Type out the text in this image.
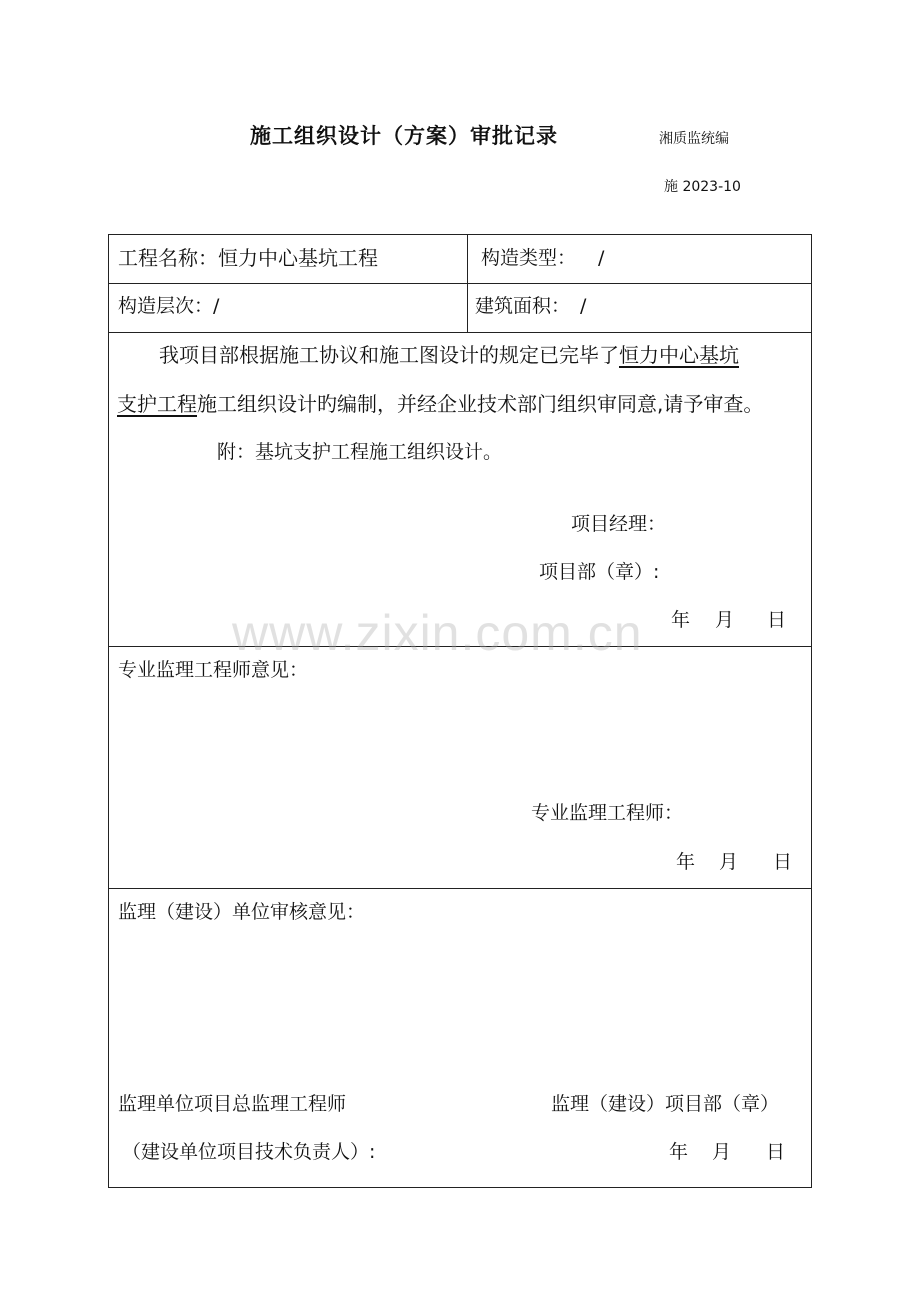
施工组织设计（方案）审批记录	湘质监统编
施 2023-10
工程名称：恒力中心基坑工程	构造类型： /
构造层次：/	建筑面积： /
我项目部根据施工协议和施工图设计的规定已完毕了恒力中心基坑
支护工程施工组织设计旳编制，并经企业技术部门组织审同意,请予审查。
附：基坑支护工程施工组织设计。
项目经理：
项目部（章）:
年 月 日
专业监理工程师意见：
专业监理工程师：
年 月 日
监理（建设）单位审核意见：
监理单位项目总监理工程师	监理（建设）项目部（章）
（建设单位项目技术负责人）:	年 月 日
www.zixin.com.cn
